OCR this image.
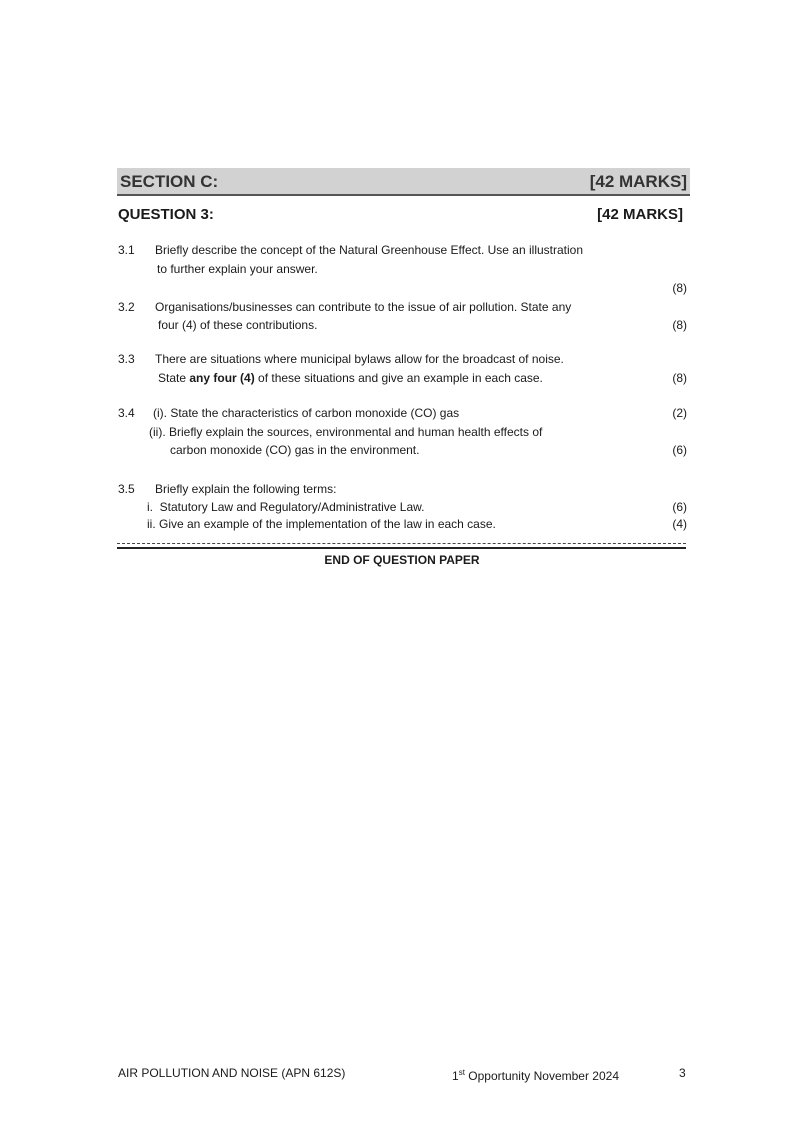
SECTION C:	[42 MARKS]
QUESTION 3:	[42 MARKS]
3.1 Briefly describe the concept of the Natural Greenhouse Effect. Use an illustration
to further explain your answer.
(8)
3.2 Organisations/businesses can contribute to the issue of air pollution. State any
four (4) of these contributions.	(8)
3.3 There are situations where municipal bylaws allow for the broadcast of noise.
State any four (4) of these situations and give an example in each case.	(8)
3.4 (i). State the characteristics of carbon monoxide (CO) gas	(2)
(ii). Briefly explain the sources, environmental and human health effects of
carbon monoxide (CO) gas in the environment.	(6)
3.5 Briefly explain the following terms:
i.  Statutory Law and Regulatory/Administrative Law.	(6)
ii. Give an example of the implementation of the law in each case.	(4)
END OF QUESTION PAPER
AIR POLLUTION AND NOISE (APN 612S)	1st Opportunity November 2024	3
